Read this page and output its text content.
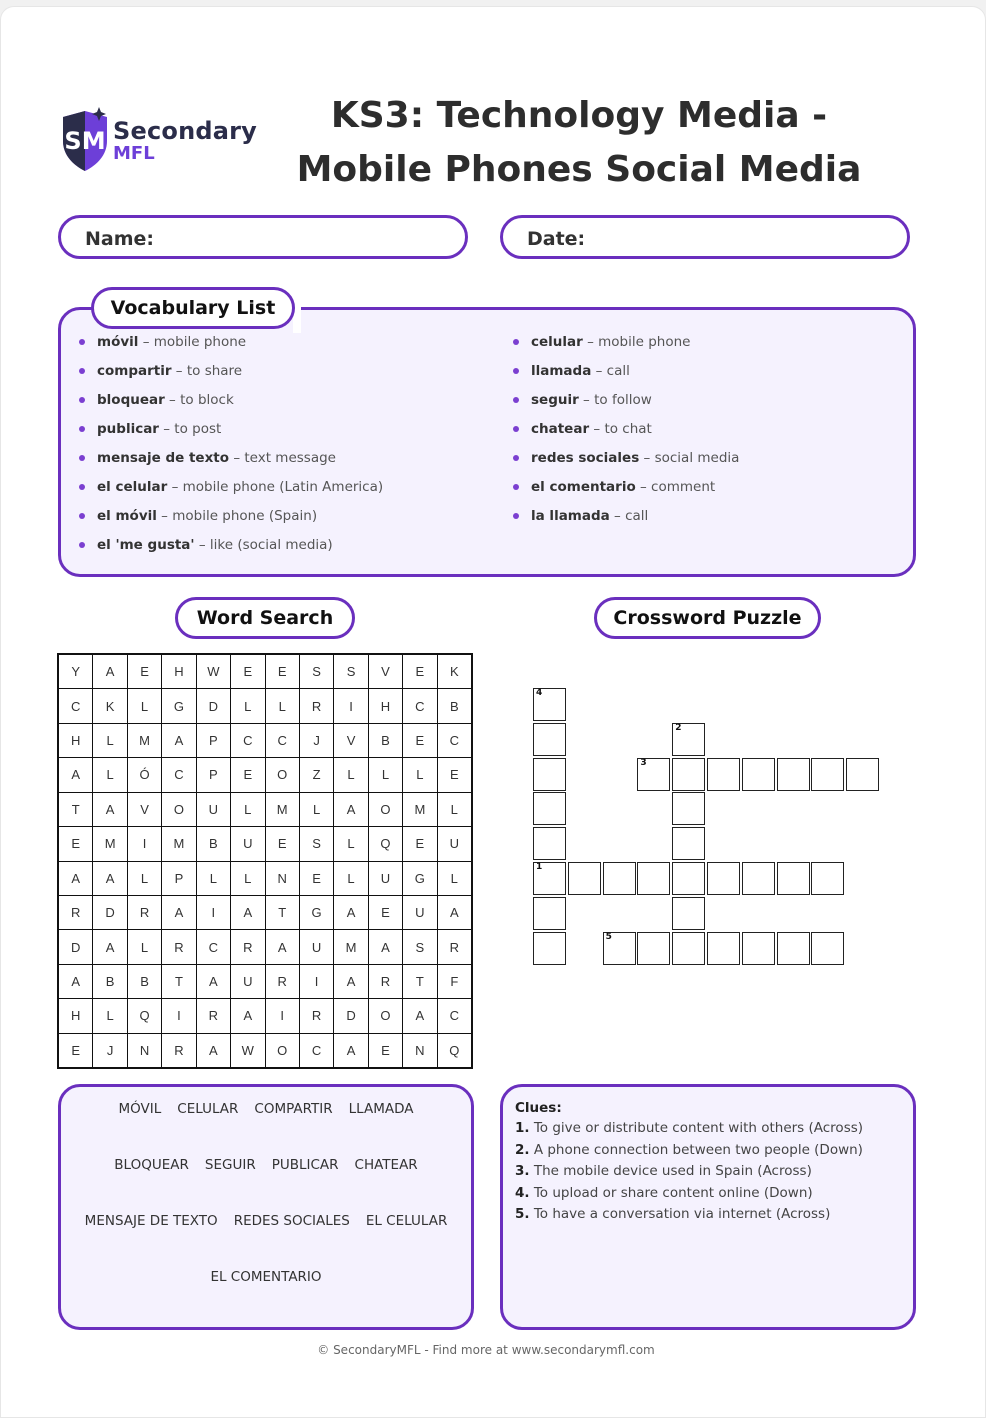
SM Secondary
MFL
KS3: Technology Media - Mobile Phones Social Media
Name:	Date:
Vocabulary List
móvil – mobile phone
compartir – to share
bloquear – to block
publicar – to post
mensaje de texto – text message
el celular – mobile phone (Latin America)
el móvil – mobile phone (Spain)
el 'me gusta' – like (social media)
celular – mobile phone
llamada – call
seguir – to follow
chatear – to chat
redes sociales – social media
el comentario – comment
la llamada – call
Word Search	Crossword Puzzle
Y	A	E	H	W	E	E	S	S	V	E	K
C	K	L	G	D	L	L	R	I	H	C	B
H	L	M	A	P	C	C	J	V	B	E	C
A	L	Ó	C	P	E	O	Z	L	L	L	E
T	A	V	O	U	L	M	L	A	O	M	L
E	M	I	M	B	U	E	S	L	Q	E	U
A	A	L	P	L	L	N	E	L	U	G	L
R	D	R	A	I	A	T	G	A	E	U	A
D	A	L	R	C	R	A	U	M	A	S	R
A	B	B	T	A	U	R	I	A	R	T	F
H	L	Q	I	R	A	I	R	D	O	A	C
E	J	N	R	A	W	O	C	A	E	N	Q
1
2
3
4
5
MÓVIL CELULAR COMPARTIR LLAMADA
BLOQUEAR SEGUIR PUBLICAR CHATEAR
MENSAJE DE TEXTO REDES SOCIALES EL CELULAR
EL COMENTARIO
Clues:
1. To give or distribute content with others (Across)
2. A phone connection between two people (Down)
3. The mobile device used in Spain (Across)
4. To upload or share content online (Down)
5. To have a conversation via internet (Across)
© SecondaryMFL - Find more at www.secondarymfl.com
